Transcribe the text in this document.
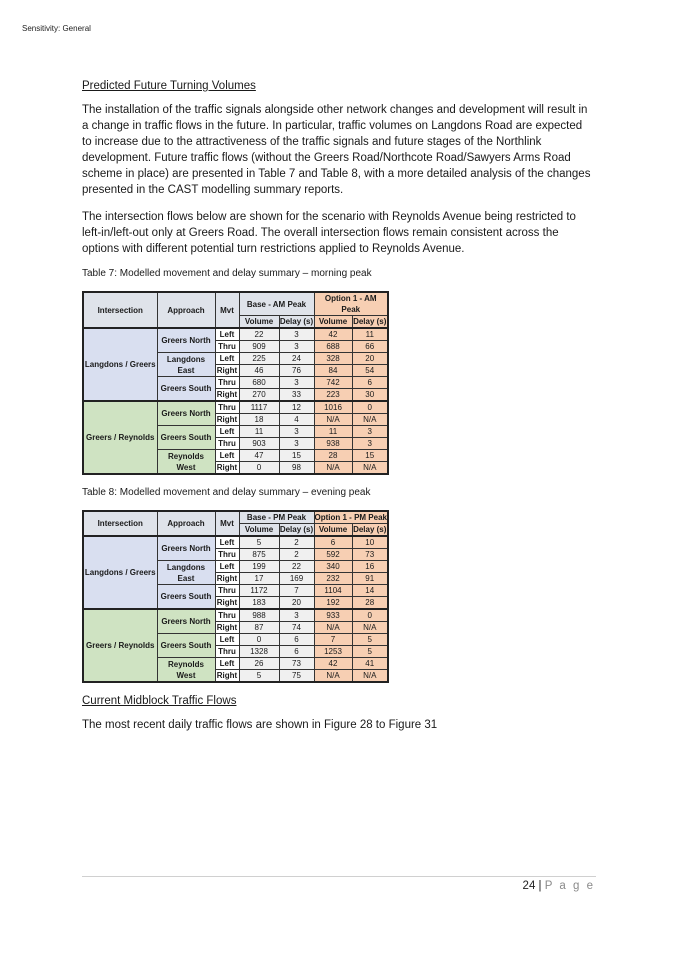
Sensitivity: General

Predicted Future Turning Volumes

The installation of the traffic signals alongside other network changes and development will result in a change in traffic flows in the future. In particular, traffic volumes on Langdons Road are expected to increase due to the attractiveness of the traffic signals and future stages of the Northlink development. Future traffic flows (without the Greers Road/Northcote Road/Sawyers Arms Road scheme in place) are presented in Table 7 and Table 8, with a more detailed analysis of the changes presented in the CAST modelling summary reports.

The intersection flows below are shown for the scenario with Reynolds Avenue being restricted to left-in/left-out only at Greers Road. The overall intersection flows remain consistent across the options with different potential turn restrictions applied to Reynolds Avenue.

Table 7: Modelled movement and delay summary – morning peak

Intersection	Approach	Mvt	Base - AM Peak		Option 1 - AM Peak	
			Volume	Delay (s)	Volume	Delay (s)
Langdons / Greers	Greers North	Left	22	3	42	11
		Thru	909	3	688	66
	Langdons East	Left	225	24	328	20
		Right	46	76	84	54
	Greers South	Thru	680	3	742	6
		Right	270	33	223	30
Greers / Reynolds	Greers North	Thru	1117	12	1016	0
		Right	18	4	N/A	N/A
	Greers South	Left	11	3	11	3
		Thru	903	3	938	3
	Reynolds West	Left	47	15	28	15
		Right	0	98	N/A	N/A

Table 8: Modelled movement and delay summary – evening peak

Intersection	Approach	Mvt	Base - PM Peak		Option 1 - PM Peak	
			Volume	Delay (s)	Volume	Delay (s)
Langdons / Greers	Greers North	Left	5	2	6	10
		Thru	875	2	592	73
	Langdons East	Left	199	22	340	16
		Right	17	169	232	91
	Greers South	Thru	1172	7	1104	14
		Right	183	20	192	28
Greers / Reynolds	Greers North	Thru	988	3	933	0
		Right	87	74	N/A	N/A
	Greers South	Left	0	6	7	5
		Thru	1328	6	1253	5
	Reynolds West	Left	26	73	42	41
		Right	5	75	N/A	N/A

Current Midblock Traffic Flows

The most recent daily traffic flows are shown in Figure 28 to Figure 31

24 | P a g e
